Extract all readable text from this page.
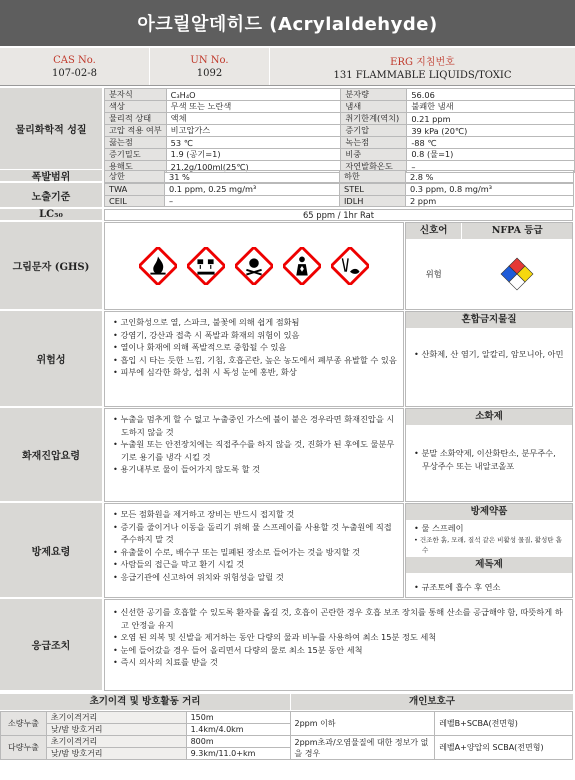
아크릴알데히드 (Acrylaldehyde)
CAS No.
107-02-8
UN No.
1092
ERG 지침번호
131 FLAMMABLE LIQUIDS/TOXIC
물리화학적 성질
분자식	C₃H₄O	분자량	56.06
색상	무색 또는 노란색	냄새	불쾌한 냄새
물리적 상태	액체	취기한계(역치)	0.21 ppm
고압 적용 여부	비고압가스	증기압	39 kPa (20℃)
끓는점	53 ℃	녹는점	-88 ℃
증기밀도	1.9 (공기=1)	비중	0.8 (물=1)
용해도	21.2g/100ml(25℃)	자연발화온도	–
폭발범위	상한	31 %	하한	2.8 %
노출기준
TWA	0.1 ppm, 0.25 mg/m³	STEL	0.3 ppm, 0.8 mg/m³
CEIL	–	IDLH	2 ppm
LC₅₀	65 ppm / 1hr Rat
그림문자 (GHS)
신호어	NFPA 등급
위험
위험성
• 고인화성으로 열, 스파크, 불꽃에 의해 쉽게 점화됨
• 강염기, 강산과 접촉 시 폭발과 화재의 위험이 있음
• 열이나 화재에 의해 폭발적으로 중합될 수 있음
• 흡입 시 타는 듯한 느낌, 기침, 호흡곤란, 높은 농도에서 폐부종 유발할 수 있음
• 피부에 심각한 화상, 섭취 시 독성 눈에 홍반, 화상
혼합금지물질
• 산화제, 산 염기, 알칼리, 암모니아, 아민
화재진압요령
• 누출을 멈추게 할 수 없고 누출중인 가스에 불이 붙은 경우라면 화재진압을 시도하지 않을 것
• 누출원 또는 안전장치에는 직접주수를 하지 않을 것, 진화가 된 후에도 물분무기로 용기를 냉각 시킬 것
• 용기내부로 물이 들어가지 않도록 할 것
소화제
• 분말 소화약제, 이산화탄소, 분무주수, 무상주수 또는 내알코올포
방제요령
• 모든 점화원을 제거하고 장비는 반드시 접지할 것
• 증기를 줄이거나 이동을 돌리기 위해 물 스프레이를 사용할 것 누출원에 직접 주수하지 말 것
• 유출물이 수로, 배수구 또는 밀폐된 장소로 들어가는 것을 방지할 것
• 사람들의 접근을 막고 환기 시킬 것
• 응급기관에 신고하여 위치와 위험성을 알릴 것
방제약품
• 물 스프레이
• 건조한 흙, 모래, 질석 같은 비활성 물질, 활성탄 흡수
제독제
• 규조토에 흡수 후 연소
응급조치
• 신선한 공기를 호흡할 수 있도록 환자를 옮길 것, 호흡이 곤란한 경우 호흡 보조 장치를 통해 산소를 공급해야 함, 따뜻하게 하고 안정을 유지
• 오염 된 의복 및 신발을 제거하는 동안 다량의 물과 비누를 사용하여 최소 15분 정도 세척
• 눈에 들어갔을 경우 들어 올리면서 다량의 물로 최소 15분 동안 세척
• 즉시 의사의 치료를 받을 것
초기이격 및 방호활동 거리	개인보호구
소량누출	초기이격거리	150m	2ppm 이하	레벨B+SCBA(전면형)
	낮/밤 방호거리	1.4km/4.0km		
다량누출	초기이격거리	800m	2ppm초과/오염물질에 대한 정보가 없을 경우	레벨A+양압의 SCBA(전면형)
	낮/밤 방호거리	9.3km/11.0+km		
